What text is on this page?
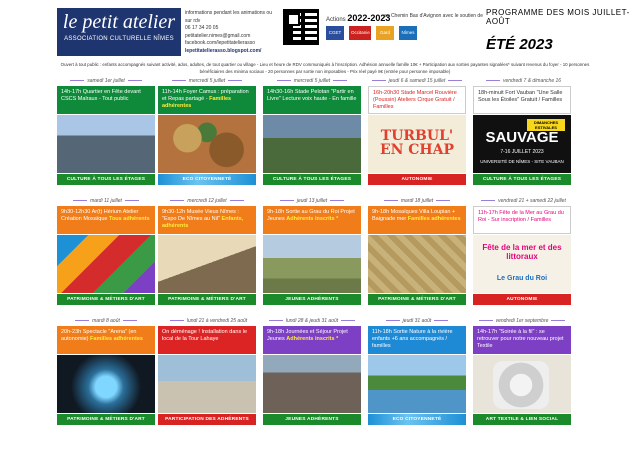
le petit atelier
ASSOCIATION CULTURELLE NÎMES
informations pendant les animations ou sur rdv
06 17 34 20 05
petitatelier.nimes@gmail.com
facebook.com/lepetitatelierasso
lepetitatelierasso.blogspot.com/
Actions 2022-2023
au Chemin Bas d'Avignon avec le soutien de
CGET	Occitanie	Gard	Nîmes
PROGRAMME DES MOIS JUILLET-AOÛT
ÉTÉ 2023
Ouvert à tout public : enfants accompagnés suivant activité, ados, adultes, de tout quartier ou village - Lieu et heure de RDV communiqués à l'inscription. Adhésion annuelle famille 10€ + Participation aux sorties payantes signalées* suivant revenus du foyer - 10 personnes bénéficiaires des minima sociaux - 20 personnes par sortie non imposables - Prix réel payé 8€ (entrée pour personne imposable)
samedi 1er juillet
14h-17h Quartier en Fête devant CSCS Malraux - Tout public
CULTURE À TOUS LES ÉTAGES
mercredi 5 juillet
11h-14h Foyer Camus : préparation et Repas partagé - Familles adhérentes
ECO CITOYENNETÉ
mercredi 5 juillet
14h30-16h Stade Pelotan "Partir en Livre" Lecture voix haute - En famille
CULTURE À TOUS LES ÉTAGES
jeudi 6 & samedi 15 juillet
16h-20h30 Stade Marcel Rouvière (Poussin) Ateliers Cirque Gratuit / Familles
TURBUL' EN CHAP
AUTONOMIE
vendredi 7 & dimanche 16
18h-minuit Fort Vauban "Une Salle Sous les Étoiles" Gratuit / Familles
DIMANCHES ESTIVALES
SAUVAGE
7-16 JUILLET 2023
UNIVERSITÉ DE NÎMES - SITE VAUBAN
CULTURE À TOUS LES ÉTAGES
mardi 11 juillet
9h30-12h30 Ar(t) Hérium Atelier Création Mosaïque Tous adhérents
PATRIMOINE & MÉTIERS D'ART
mercredi 12 juillet
9h30-12h Musée Vieux Nîmes : "Expo De Nîmes au Nil" Enfants, adhérents
PATRIMOINE & MÉTIERS D'ART
jeudi 13 juillet
9h-18h Sortie au Grau du Roi Projet Jeunes Adhérents inscrits *
JEUNES ADHÉRENTS
mardi 18 juillet
9h-18h Mosaïques Villa Loupian + Baignade mer Familles adhérentes
PATRIMOINE & MÉTIERS D'ART
vendredi 21 + samedi 22 juillet
11h-17h Fête de la Mer au Grau du Roi - Sur inscription / Familles
Fête de la mer et des littoraux
Le Grau du Roi
AUTONOMIE
mardi 8 août
20h-23h Spectacle "Arena" (en autonomie) Familles adhérentes
PATRIMOINE & MÉTIERS D'ART
lundi 21 à vendredi 25 août
On déménage ! Installation dans le local de la Tour Lahaye
PARTICIPATION DES ADHÉRENTS
lundi 28 & jeudi 31 août
9h-18h Journées et Séjour Projet Jeunes Adhérents inscrits *
JEUNES ADHÉRENTS
jeudi 31 août
11h-18h Sortie Nature à la rivière enfants +6 ans accompagnés / familles
ECO CITOYENNETÉ
vendredi 1er septembre
14h-17h "Soirée à la fil" : se retrouver pour notre nouveau projet Textile
ART TEXTILE & LIEN SOCIAL
